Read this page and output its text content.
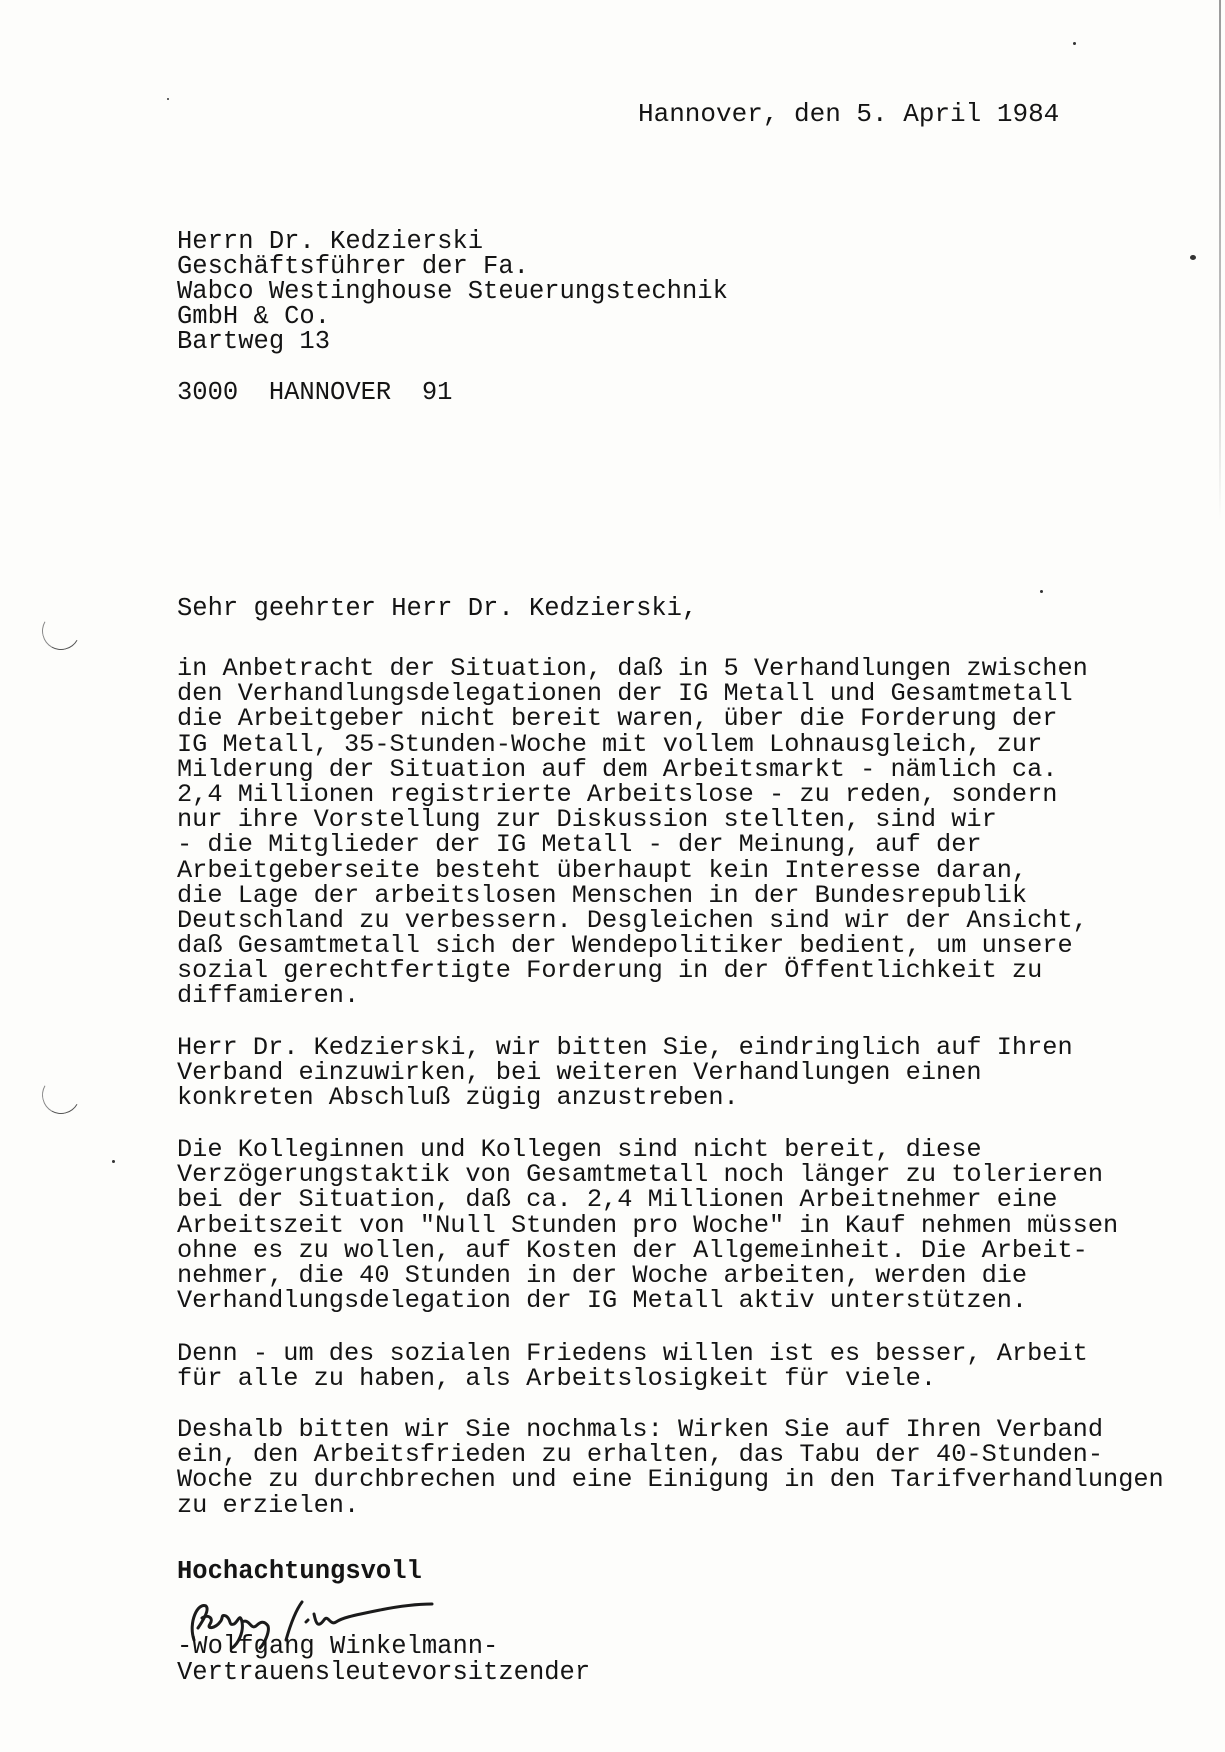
Hannover, den 5. April 1984
Herrn Dr. Kedzierski
Geschäftsführer der Fa.
Wabco Westinghouse Steuerungstechnik
GmbH & Co.
Bartweg 13
3000  HANNOVER  91
Sehr geehrter Herr Dr. Kedzierski,
in Anbetracht der Situation, daß in 5 Verhandlungen zwischen
den Verhandlungsdelegationen der IG Metall und Gesamtmetall
die Arbeitgeber nicht bereit waren, über die Forderung der
IG Metall, 35-Stunden-Woche mit vollem Lohnausgleich, zur
Milderung der Situation auf dem Arbeitsmarkt - nämlich ca.
2,4 Millionen registrierte Arbeitslose - zu reden, sondern
nur ihre Vorstellung zur Diskussion stellten, sind wir
- die Mitglieder der IG Metall - der Meinung, auf der
Arbeitgeberseite besteht überhaupt kein Interesse daran,
die Lage der arbeitslosen Menschen in der Bundesrepublik
Deutschland zu verbessern. Desgleichen sind wir der Ansicht,
daß Gesamtmetall sich der Wendepolitiker bedient, um unsere
sozial gerechtfertigte Forderung in der Öffentlichkeit zu
diffamieren.
Herr Dr. Kedzierski, wir bitten Sie, eindringlich auf Ihren
Verband einzuwirken, bei weiteren Verhandlungen einen
konkreten Abschluß zügig anzustreben.
Die Kolleginnen und Kollegen sind nicht bereit, diese
Verzögerungstaktik von Gesamtmetall noch länger zu tolerieren
bei der Situation, daß ca. 2,4 Millionen Arbeitnehmer eine
Arbeitszeit von "Null Stunden pro Woche" in Kauf nehmen müssen
ohne es zu wollen, auf Kosten der Allgemeinheit. Die Arbeit-
nehmer, die 40 Stunden in der Woche arbeiten, werden die
Verhandlungsdelegation der IG Metall aktiv unterstützen.
Denn - um des sozialen Friedens willen ist es besser, Arbeit
für alle zu haben, als Arbeitslosigkeit für viele.
Deshalb bitten wir Sie nochmals: Wirken Sie auf Ihren Verband
ein, den Arbeitsfrieden zu erhalten, das Tabu der 40-Stunden-
Woche zu durchbrechen und eine Einigung in den Tarifverhandlungen
zu erzielen.
Hochachtungsvoll
-Wolfgang Winkelmann-
Vertrauensleutevorsitzender
